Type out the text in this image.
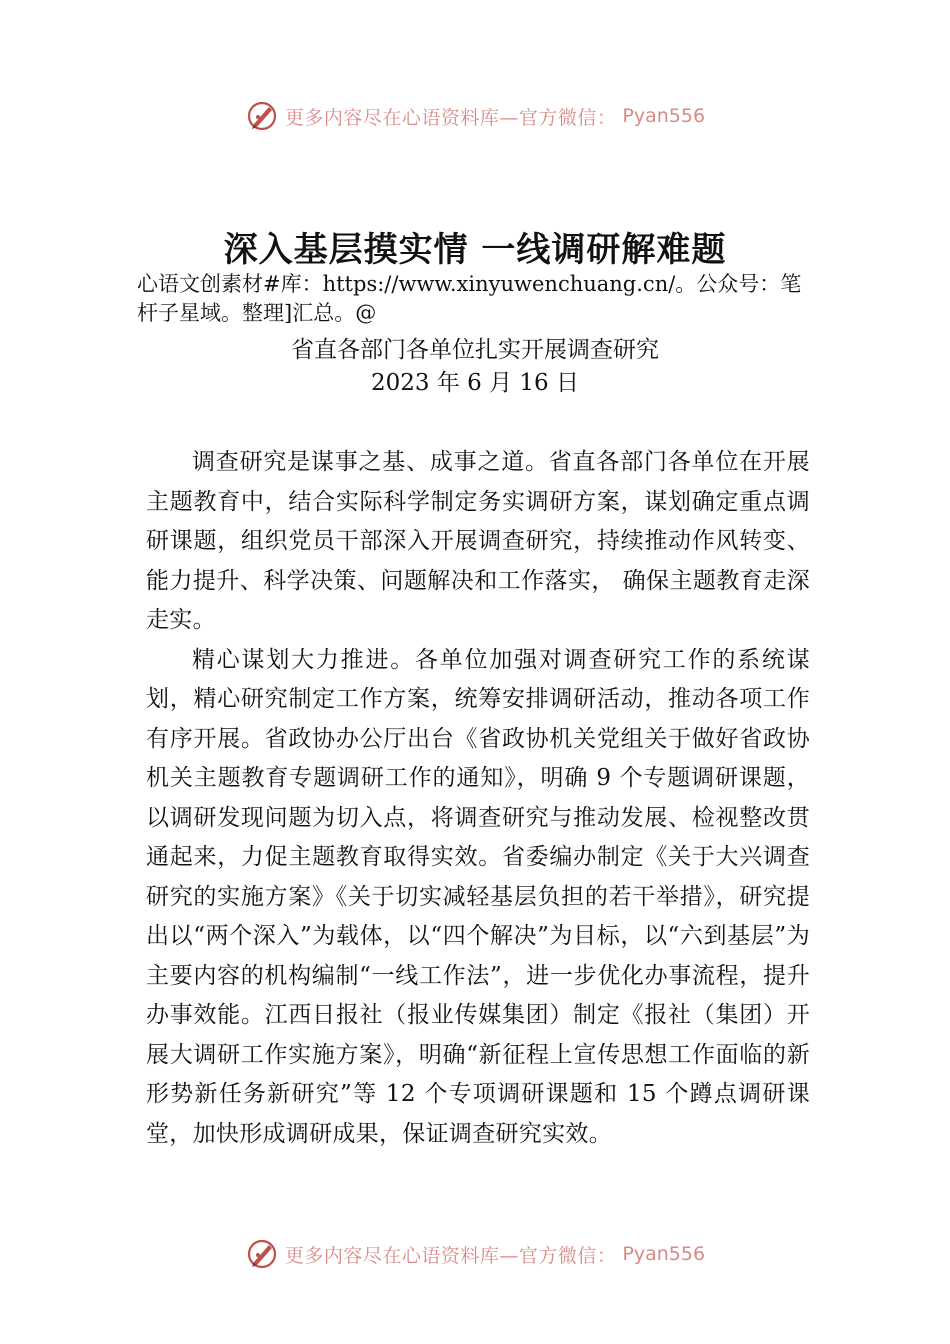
更多内容尽在心语资料库—官方微信： Pyan556
深入基层摸实情 一线调研解难题

心语文创素材#库：https://www.xinyuwenchuang.cn/。公众号：笔杆子星域。整理]汇总。@

省直各部门各单位扎实开展调查研究

2023 年 6 月 16 日

调查研究是谋事之基、成事之道。省直各部门各单位在开展主题教育中，结合实际科学制定务实调研方案，谋划确定重点调研课题，组织党员干部深入开展调查研究，持续推动作风转变、能力提升、科学决策、问题解决和工作落实， 确保主题教育走深走实。

精心谋划大力推进。各单位加强对调查研究工作的系统谋划，精心研究制定工作方案，统筹安排调研活动，推动各项工作有序开展。省政协办公厅出台《省政协机关党组关于做好省政协机关主题教育专题调研工作的通知》，明确 9 个专题调研课题，以调研发现问题为切入点，将调查研究与推动发展、检视整改贯通起来，力促主题教育取得实效。省委编办制定《关于大兴调查研究的实施方案》《关于切实减轻基层负担的若干举措》，研究提出以“两个深入”为载体，以“四个解决”为目标，以“六到基层”为主要内容的机构编制“一线工作法”，进一步优化办事流程，提升办事效能。江西日报社（报业传媒集团）制定《报社（集团）开展大调研工作实施方案》，明确“新征程上宣传思想工作面临的新形势新任务新研究”等 12 个专项调研课题和 15 个蹲点调研课堂，加快形成调研成果，保证调查研究实效。

更多内容尽在心语资料库—官方微信： Pyan556
